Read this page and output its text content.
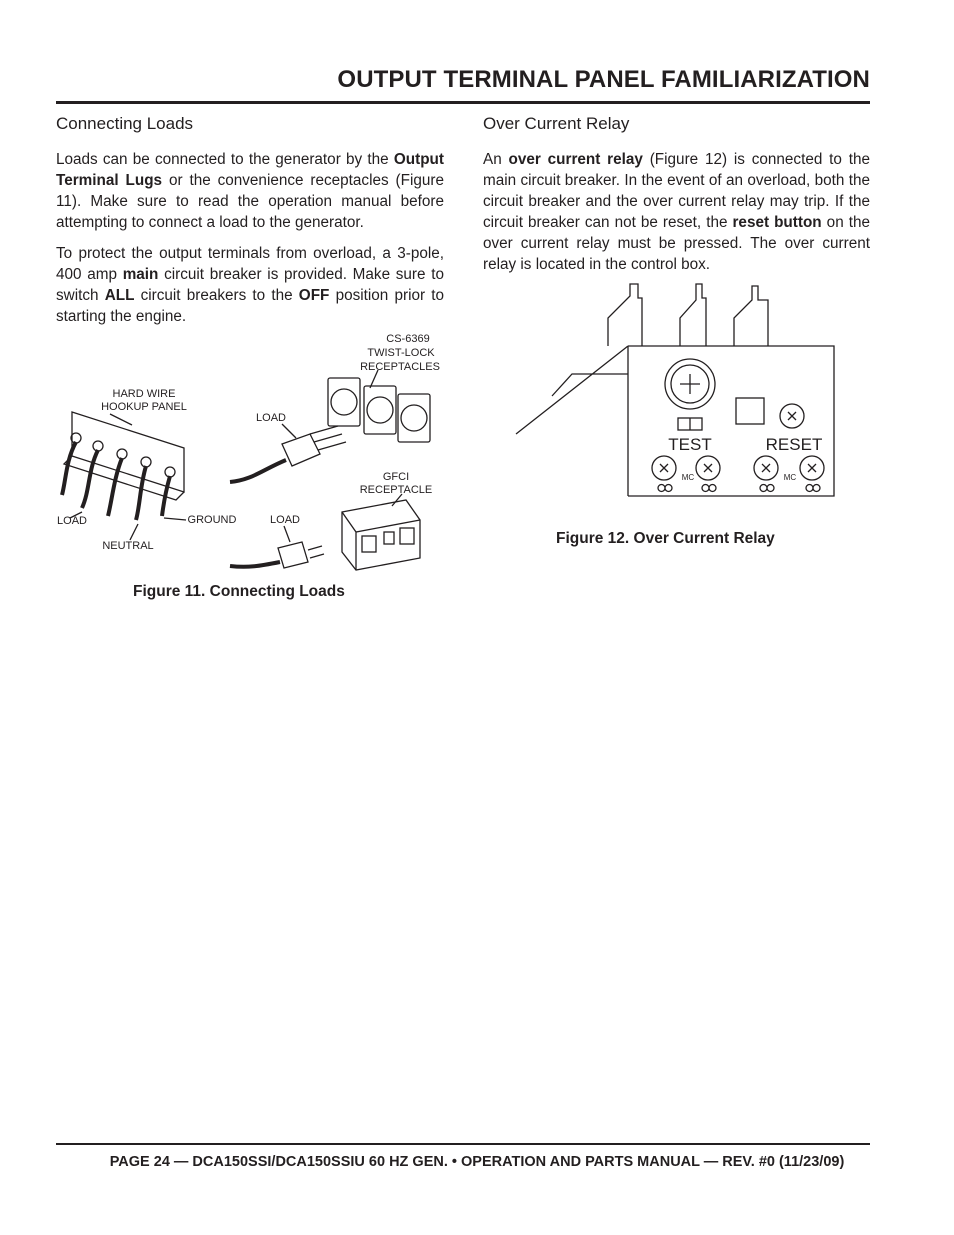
OUTPUT TERMINAL PANEL FAMILIARIZATION
Connecting Loads

Loads can be connected to the generator by the Output Terminal Lugs or the convenience receptacles (Figure 11). Make sure to read the operation manual before attempting to connect a load to the generator.

To protect the output terminals from overload, a 3-pole, 400 amp main circuit breaker is provided. Make sure to switch ALL circuit breakers to the OFF position prior to starting the engine.

Over Current Relay

An over current relay (Figure 12) is connected to the main circuit breaker. In the event of an overload, both the circuit breaker and the over current relay may trip. If the circuit breaker can not be reset, the reset button on the over current relay must be pressed. The over current relay is located in the control box.

CS-6369
TWIST-LOCK
RECEPTACLES
HARD WIRE
HOOKUP PANEL
LOAD
GFCI
RECEPTACLE
LOAD	GROUND	LOAD
NEUTRAL
Figure 11. Connecting Loads
TEST	RESET
MC	MC
Figure 12. Over Current Relay
PAGE 24 — DCA150SSI/DCA150SSIU 60 HZ GEN. • OPERATION AND PARTS MANUAL — REV. #0 (11/23/09)
